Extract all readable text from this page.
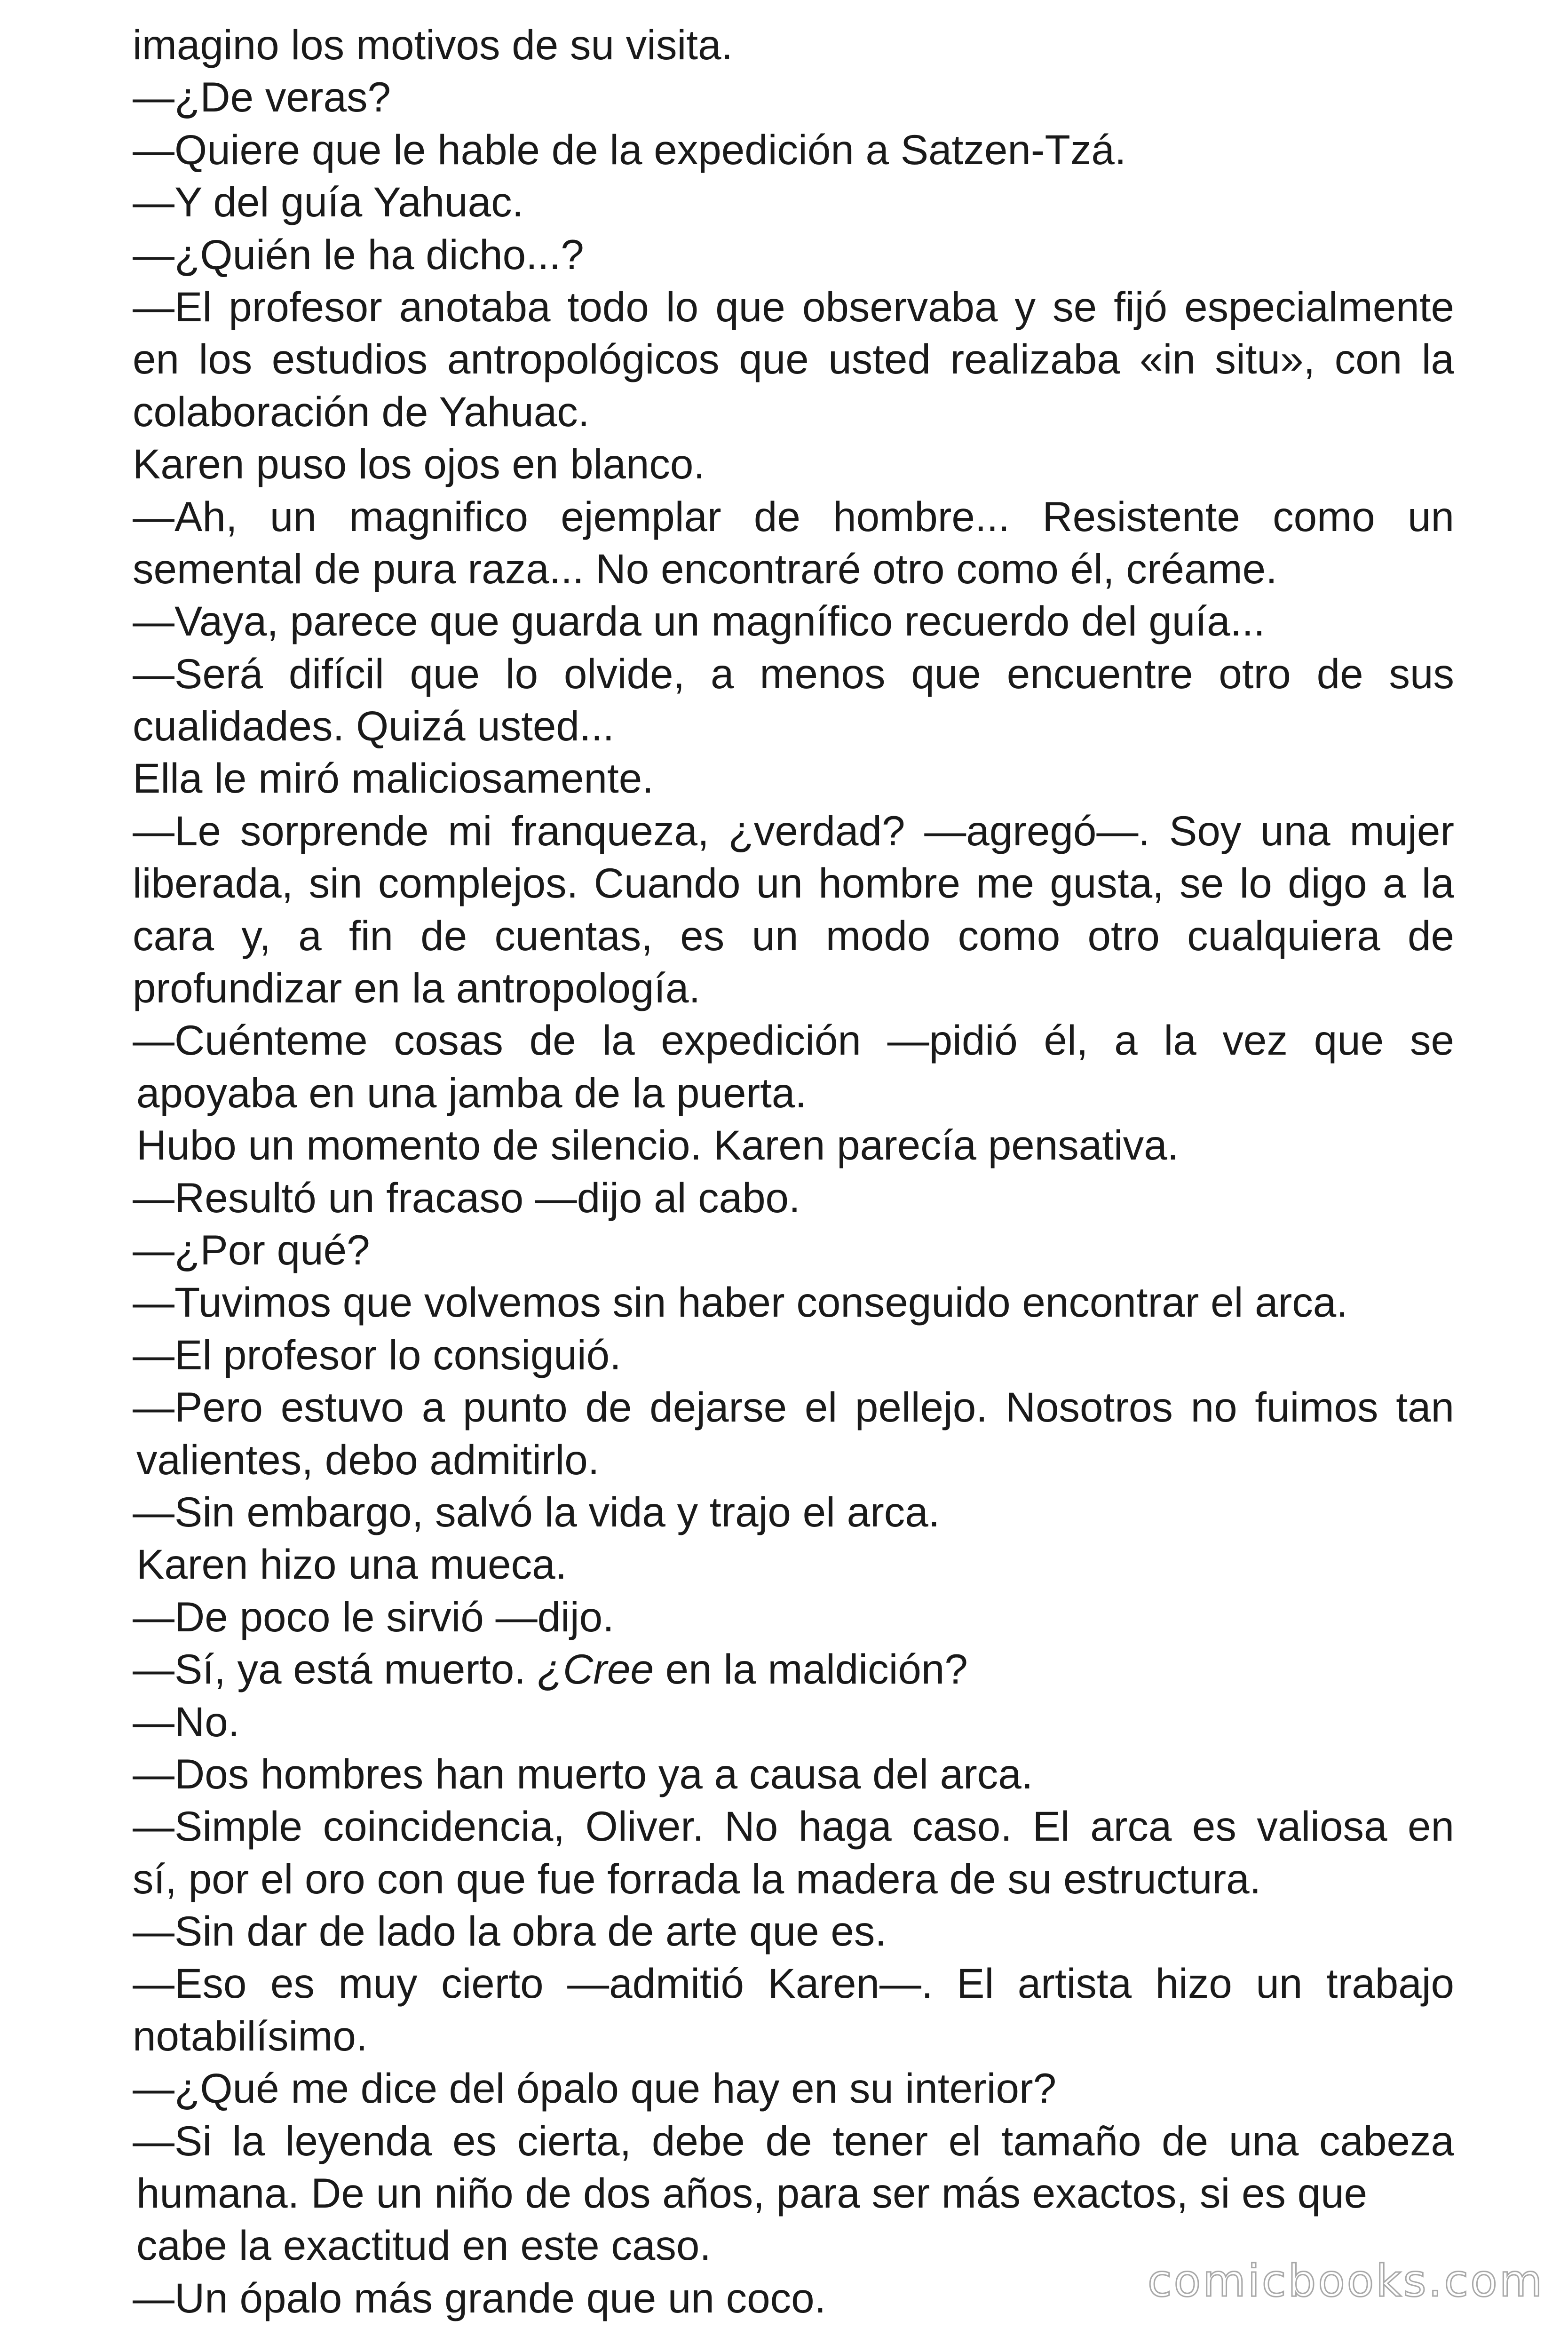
imagino los motivos de su visita.
—¿De veras?
—Quiere que le hable de la expedición a Satzen-Tzá.
—Y del guía Yahuac.
—¿Quién le ha dicho...?
—El profesor anotaba todo lo que observaba y se fijó especialmente
en los estudios antropológicos que usted realizaba «in situ», con la
colaboración de Yahuac.
Karen puso los ojos en blanco.
—Ah, un magnifico ejemplar de hombre... Resistente como un
semental de pura raza... No encontraré otro como él, créame.
—Vaya, parece que guarda un magnífico recuerdo del guía...
—Será difícil que lo olvide, a menos que encuentre otro de sus
cualidades. Quizá usted...
Ella le miró maliciosamente.
—Le sorprende mi franqueza, ¿verdad? —agregó—. Soy una mujer
liberada, sin complejos. Cuando un hombre me gusta, se lo digo a la
cara y, a fin de cuentas, es un modo como otro cualquiera de
profundizar en la antropología.
—Cuénteme cosas de la expedición —pidió él, a la vez que se
apoyaba en una jamba de la puerta.
Hubo un momento de silencio. Karen parecía pensativa.
—Resultó un fracaso —dijo al cabo.
—¿Por qué?
—Tuvimos que volvemos sin haber conseguido encontrar el arca.
—El profesor lo consiguió.
—Pero estuvo a punto de dejarse el pellejo. Nosotros no fuimos tan
valientes, debo admitirlo.
—Sin embargo, salvó la vida y trajo el arca.
Karen hizo una mueca.
—De poco le sirvió —dijo.
—Sí, ya está muerto. ¿Cree en la maldición?
—No.
—Dos hombres han muerto ya a causa del arca.
—Simple coincidencia, Oliver. No haga caso. El arca es valiosa en
sí, por el oro con que fue forrada la madera de su estructura.
—Sin dar de lado la obra de arte que es.
—Eso es muy cierto —admitió Karen—. El artista hizo un trabajo
notabilísimo.
—¿Qué me dice del ópalo que hay en su interior?
—Si la leyenda es cierta, debe de tener el tamaño de una cabeza
humana. De un niño de dos años, para ser más exactos, si es que
cabe la exactitud en este caso.
—Un ópalo más grande que un coco.	comicbooks.com
